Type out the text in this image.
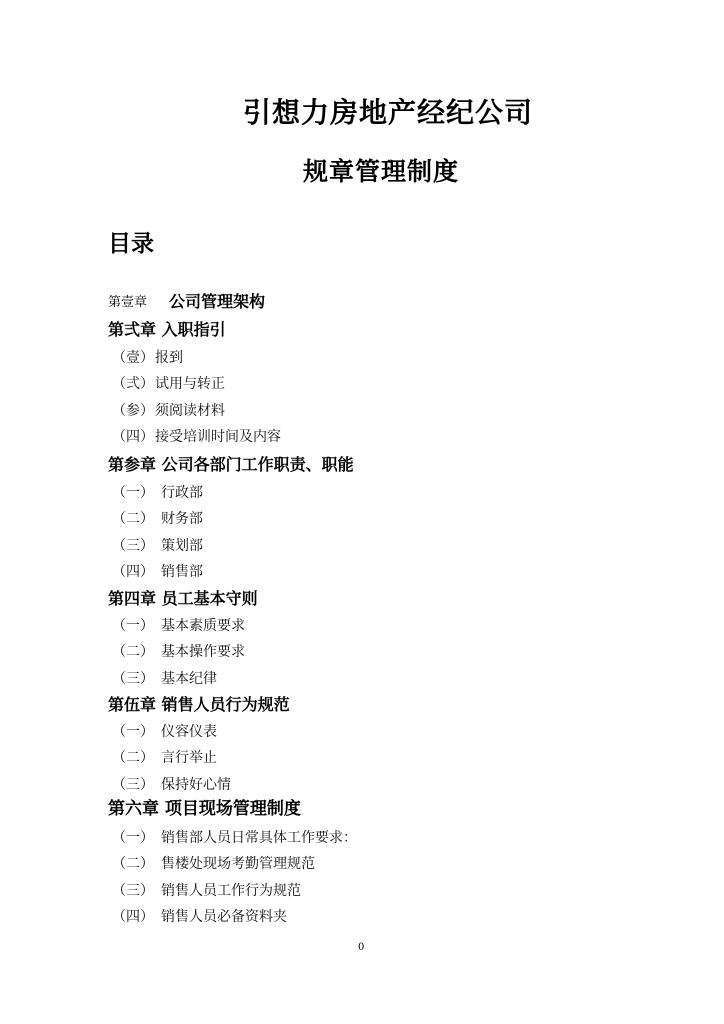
引想力房地产经纪公司
规章管理制度
目录
第壹章 公司管理架构
第弍章 入职指引
（壹） 报到
（弍） 试用与转正
（参） 须阅读材料
（四） 接受培训时间及内容
第参章 公司各部门工作职责、职能
（一） 行政部
（二） 财务部
（三） 策划部
（四） 销售部
第四章 员工基本守则
（一） 基本素质要求
（二） 基本操作要求
（三） 基本纪律
第伍章 销售人员行为规范
（一） 仪容仪表
（二） 言行举止
（三） 保持好心情
第六章 项目现场管理制度
（一） 销售部人员日常具体工作要求：
（二） 售楼处现场考勤管理规范
（三） 销售人员工作行为规范
（四） 销售人员必备资料夹
0
